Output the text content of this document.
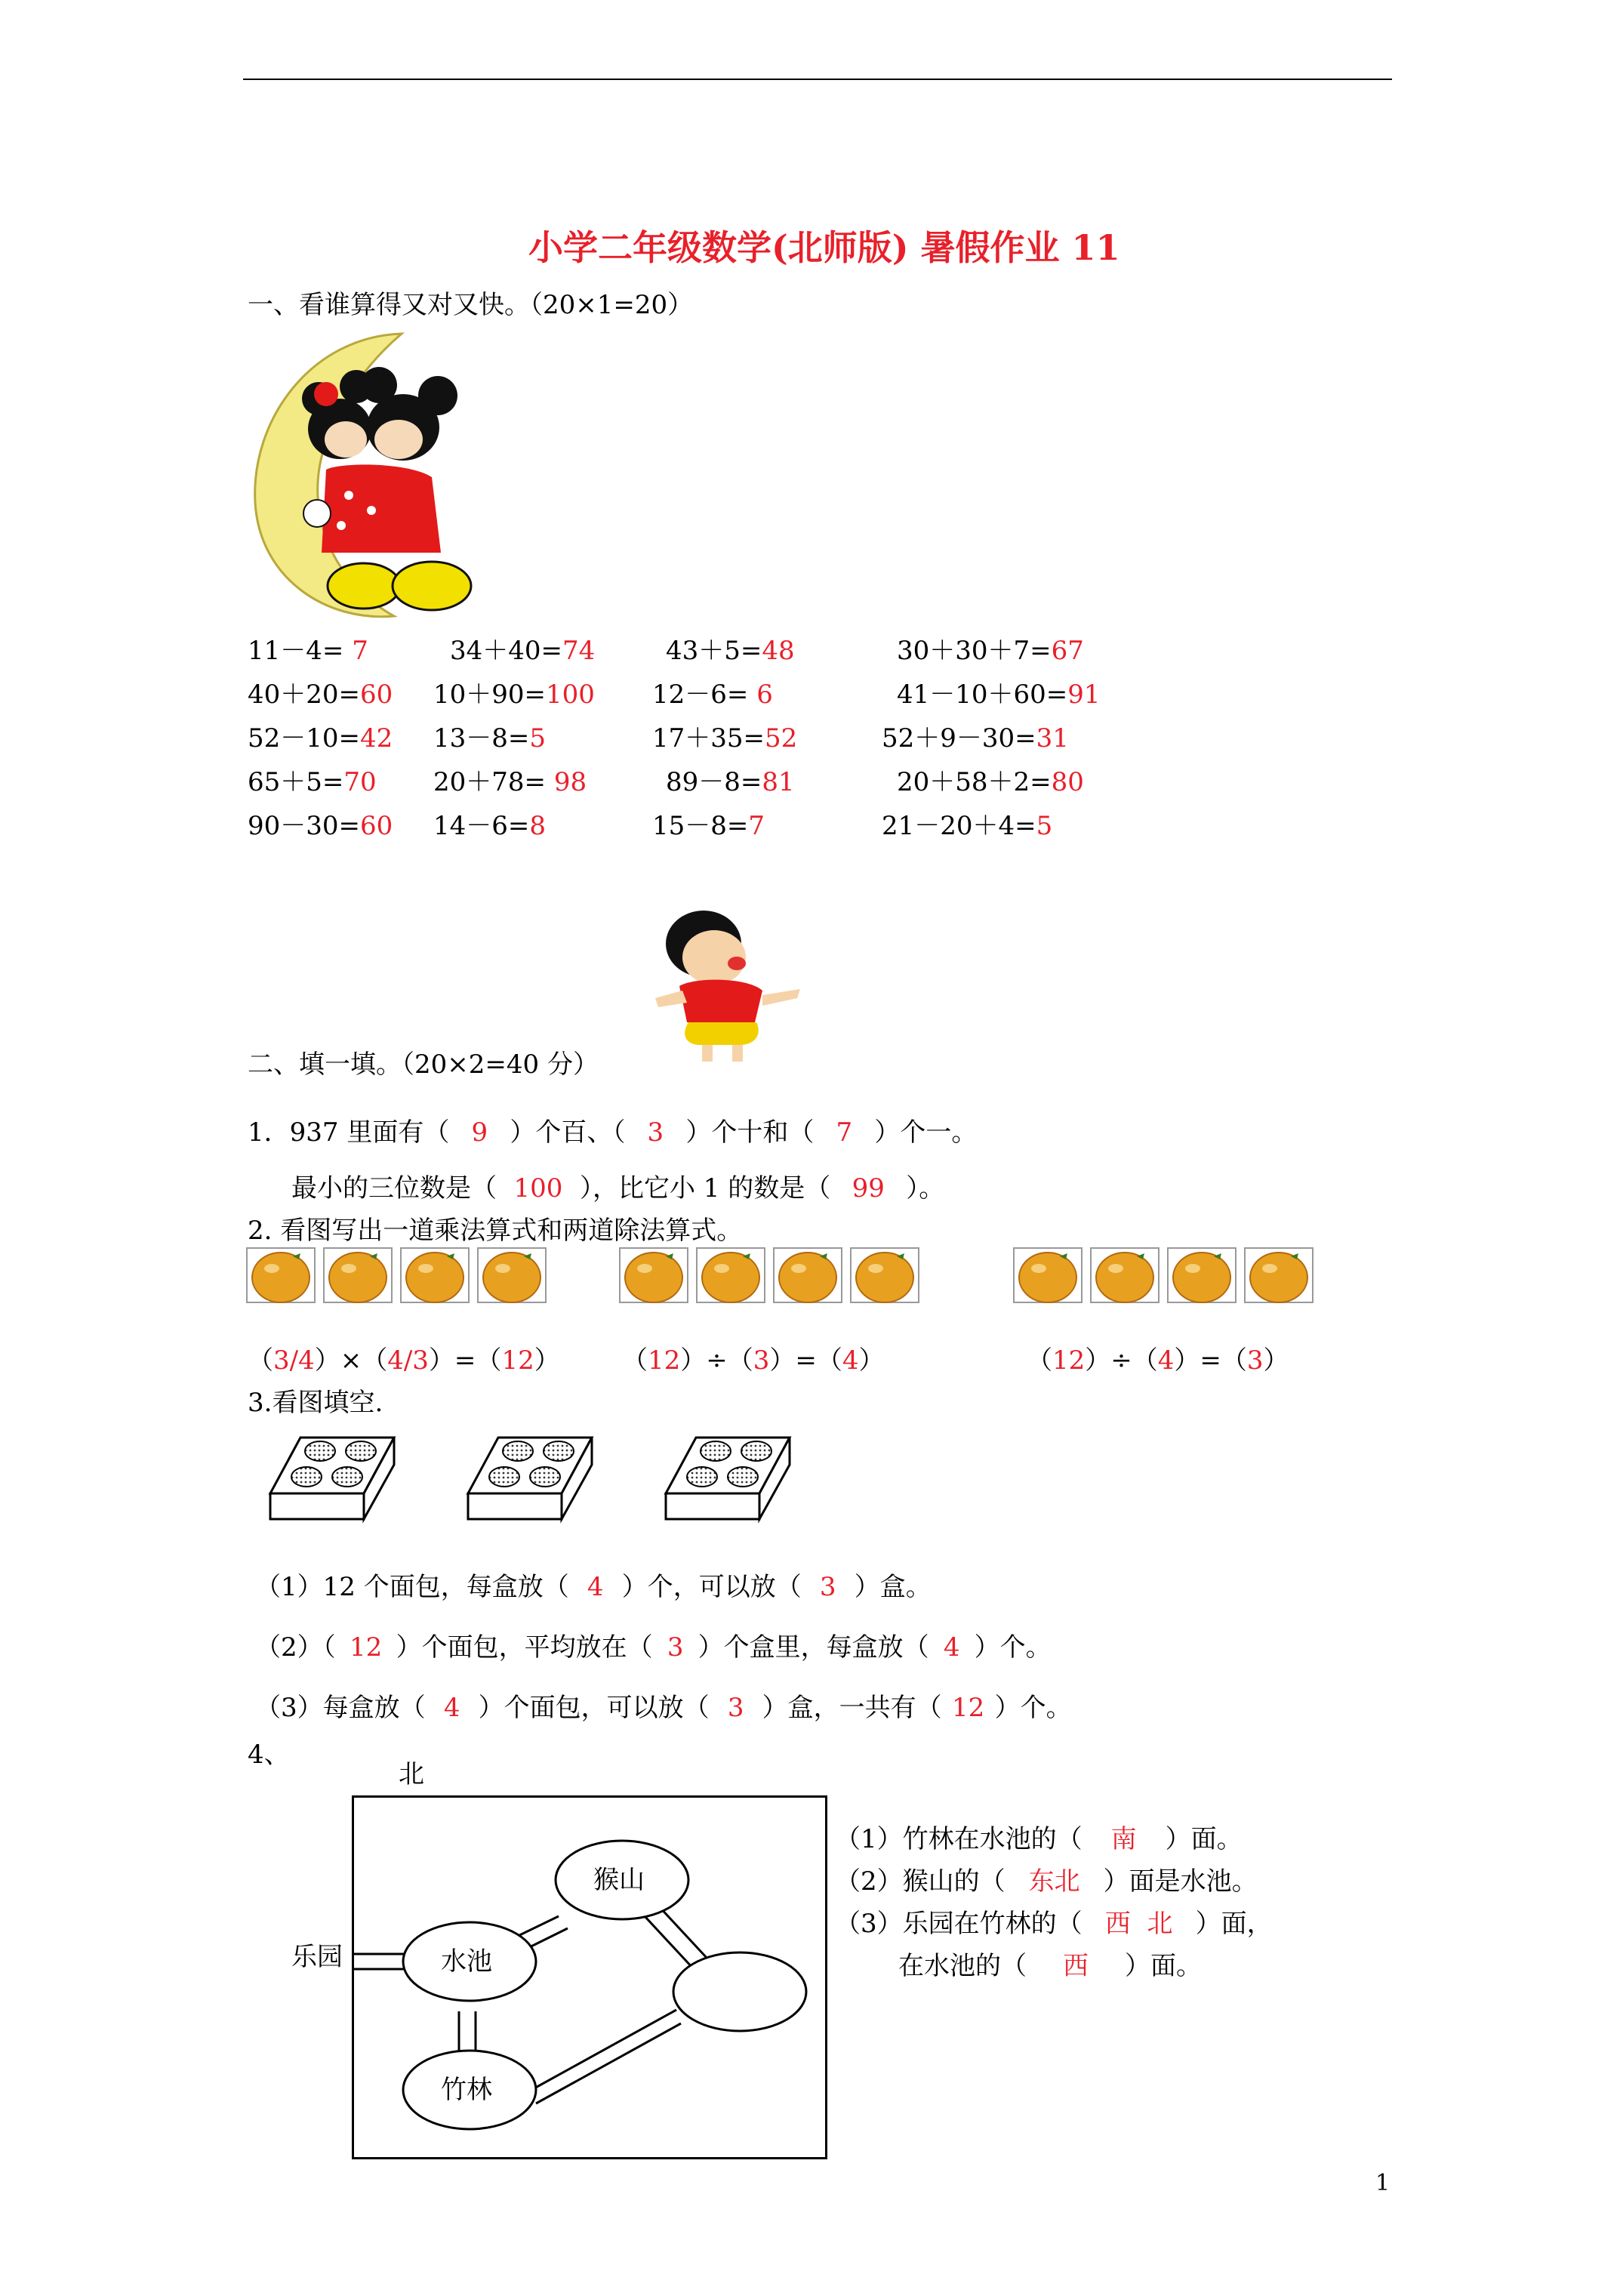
小学二年级数学(北师版) 暑假作业 11
一、看谁算得又对又快。（20×1=20）
11－4= 7	34＋40=74	43＋5=48	30＋30＋7=67
40＋20=60 10＋90=100 12－6= 6	41－10＋60=91
52－10=42 13－8=5	17＋35=52	52＋9－30=31
65＋5=70 20＋78= 98	89－8=81	20＋58＋2=80
90－30=60 14－6=8	15－8=7	21－20＋4=5
二、填一填。（20×2=40 分）
1．937 里面有（ 9 ）个百、（ 3 ）个十和（ 7 ）个一。
最小的三位数是（ 100 ），比它小 1 的数是（ 99 ）。
2. 看图写出一道乘法算式和两道除法算式。
（3/4）×（4/3）=（12） （12）÷（3）=（4）	（12）÷（4）=（3）
3.看图填空.
（1）12 个面包，每盒放（ 4 ）个，可以放（ 3 ）盒。
（2）（ 12 ）个面包，平均放在（ 3 ）个盒里，每盒放（ 4 ）个。
（3）每盒放（ 4 ）个面包，可以放（ 3 ）盒，一共有（ 12 ）个。
4、
北
猴山
水池
竹林
乐园
（1）竹林在水池的（ 南 ）面。
（2）猴山的（ 东北 ）面是水池。
（3）乐园在竹林的（ 西  北 ）面，
在水池的（ 西 ）面。
1
